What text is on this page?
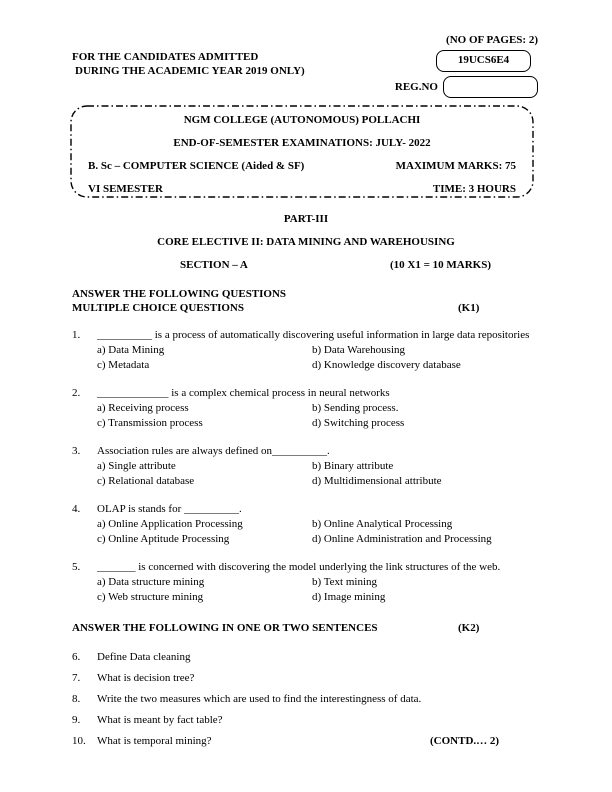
FOR THE CANDIDATES ADMITTED
DURING THE ACADEMIC YEAR 2019 ONLY)
(NO OF PAGES: 2)
19UCS6E4
REG.NO
NGM COLLEGE (AUTONOMOUS) POLLACHI
END-OF-SEMESTER EXAMINATIONS: JULY- 2022
B. Sc – COMPUTER SCIENCE (Aided & SF)	MAXIMUM MARKS: 75
VI SEMESTER	TIME: 3 HOURS
PART-III
CORE ELECTIVE II: DATA MINING AND WAREHOUSING
SECTION – A	(10 X1 = 10 MARKS)
ANSWER THE FOLLOWING QUESTIONS
MULTIPLE CHOICE QUESTIONS	(K1)
1.	__________ is a process of automatically discovering useful information in large data repositories
a) Data Mining	b) Data Warehousing
c) Metadata	d) Knowledge discovery database
2.	_____________ is a complex chemical process in neural networks
a) Receiving process	b) Sending process.
c) Transmission process	d) Switching process
3.	Association rules are always defined on__________.
a) Single attribute	b) Binary attribute
c) Relational database	d) Multidimensional attribute
4.	OLAP is stands for __________.
a) Online Application Processing	b) Online Analytical Processing
c) Online Aptitude Processing	d) Online Administration and Processing
5.	_______ is concerned with discovering the model underlying the link structures of the web.
a) Data structure mining	b) Text mining
c) Web structure mining	d) Image mining
ANSWER THE FOLLOWING IN ONE OR TWO SENTENCES	(K2)
6.	Define Data cleaning
7.	What is decision tree?
8.	Write the two measures which are used to find the interestingness of data.
9.	What is meant by fact table?
10.	What is temporal mining?	(CONTD.… 2)
